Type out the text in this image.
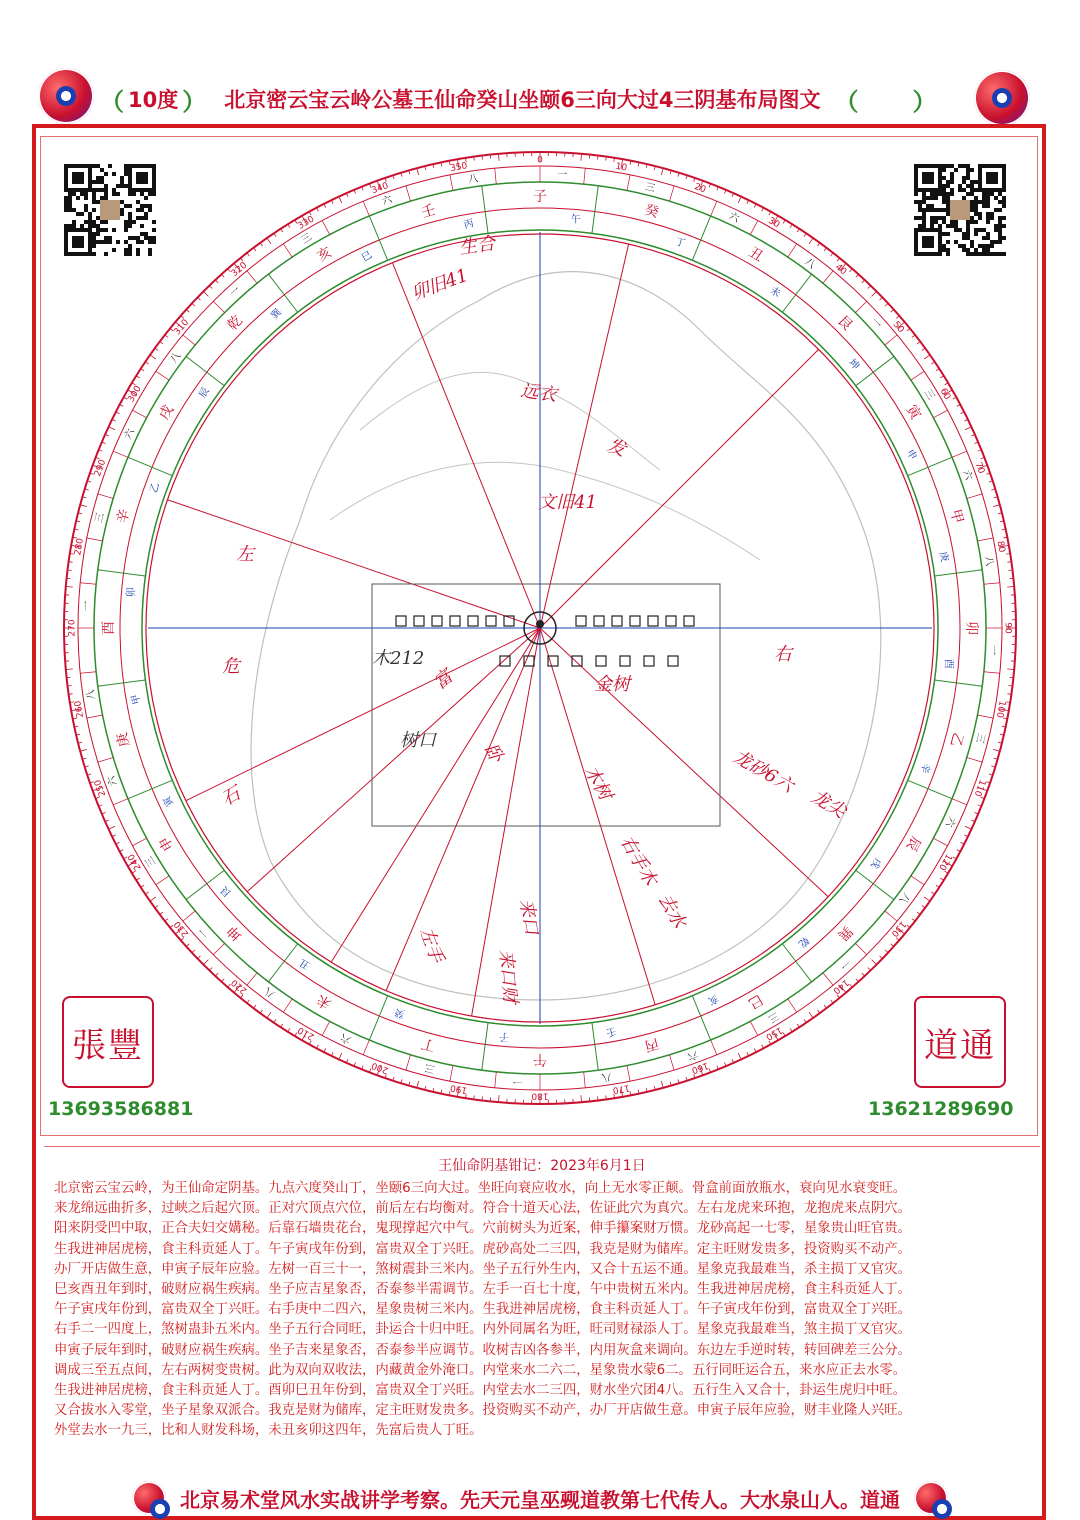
（ 10度 ） 北京密云宝云岭公墓王仙命癸山坐颐6三向大过4三阴基布局图文 （ ）
0
10
20
30
40
50
60
70
80
90
100
110
120
130
140
150
160
170
180
190
200
210
220
230
240
250
260
270
280
290
300
310
320
330
340
350
子
午	癸
丁
丑
未
艮
坤
寅
申
甲
庚
卯
酉
乙
辛
辰
戌
巽
乾
巳
亥
丙
壬
午
子
丁
癸
未
丑
坤
艮
申
寅
庚
甲
酉
卯
辛
乙
戌
辰
乾 巽
亥	巳
壬
丙
一
三
六
八
一
三
六
八
一
三
六
八
一
三
六
八
一
三
六
八
一
三
六
八
一
三
六
八
一
三
六
八
生合
卯旧41
远衣
发
文旧41
左
危
右
龙尖
金树
木212
树口
富
卧
木树
石
右手木
龙砂6六
左手
去水
来口
来口财
張豐	道通
13693586881	13621289690
王仙命阴基钳记：2023年6月1日
北京密云宝云岭，为王仙命定阴基。九点六度癸山丁，坐颐6三向大过。坐旺向衰应收水，向上无水零正颠。骨盒前面放瓶水，衰向见水衰变旺。
来龙绵远曲折多，过峡之后起穴顶。正对穴顶点穴位，前后左右均衡对。符合十道天心法，佐证此穴为真穴。左右龙虎来环抱，龙抱虎来点阴穴。
阳来阴受凹中取，正合夫妇交媾秘。后靠石墙贵花台，鬼现撑起穴中气。穴前树头为近案，伸手攥案财万惯。龙砂高起一七零，星象贵山旺官贵。
生我进神居虎榜，食主科贡延人丁。午子寅戌年份到，富贵双全丁兴旺。虎砂高处二三四，我克是财为储库。定主旺财发贵多，投资购买不动产。
办厂开店做生意，申寅子辰年应验。左树一百三十一，煞树震卦三米内。坐子五行外生内，又合十五运不通。星象克我最难当，杀主损丁又官灾。
巳亥酉丑年到时，破财应祸生疾病。坐子应吉星象否，否泰参半需调节。左手一百七十度，午中贵树五米内。生我进神居虎榜，食主科贡延人丁。
午子寅戌年份到，富贵双全丁兴旺。右手庚中二四六，星象贵树三米内。生我进神居虎榜，食主科贡延人丁。午子寅戌年份到，富贵双全丁兴旺。
右手二一四度上，煞树蛊卦五米内。坐子五行合同旺，卦运合十归中旺。内外同属名为旺，旺司财禄添人丁。星象克我最难当，煞主损丁又官灾。
申寅子辰年到时，破财应祸生疾病。坐子吉来星象否，否泰参半应调节。收树吉凶各参半，内用灰盒来调向。东边左手逆时转，转回碑差三公分。
调成三至五点间，左右两树变贵树。此为双向双收法，内藏黄金外淹口。内堂来水二六二，星象贵水蒙6二。五行同旺运合五，来水应正去水零。
生我进神居虎榜，食主科贡延人丁。酉卯巳丑年份到，富贵双全丁兴旺。内堂去水二三四，财水坐穴团4八。五行生入又合十，卦运生虎归中旺。
又合拔水入零堂，坐子星象双派合。我克是财为储库，定主旺财发贵多。投资购买不动产，办厂开店做生意。申寅子辰年应验，财丰业隆人兴旺。
外堂去水一九三，比和人财发科场，未丑亥卯这四年，先富后贵人丁旺。
北京易术堂风水实战讲学考察。先天元皇巫觋道教第七代传人。大水泉山人。道通
